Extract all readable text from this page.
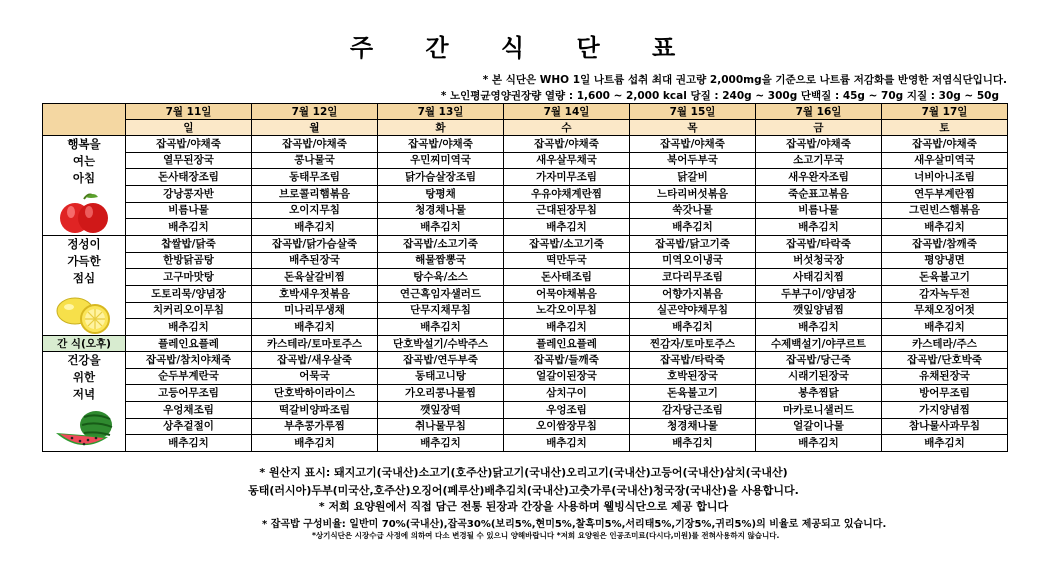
주 간 식 단 표
* 본 식단은 WHO 1일 나트륨 섭취 최대 권고량 2,000mg을 기준으로 나트륨 저감화를 반영한 저염식단입니다.
* 노인평균영양권장량 열량 : 1,600 ~ 2,000 kcal 당질 : 240g ~ 300g 단백질 : 45g ~ 70g 지질 : 30g ~ 50g
	7월 11일	7월 12일	7월 13일	7월 14일	7월 15일	7월 16일	7월 17일
	일	월	화	수	목	금	토

행복을
여는
아침	잡곡밥/야채죽	잡곡밥/야채죽	잡곡밥/야채죽	잡곡밥/야채죽	잡곡밥/야채죽	잡곡밥/야채죽	잡곡밥/야채죽
	열무된장국	콩나물국	우민찌미역국	새우살무채국	북어두부국	소고기무국	새우살미역국
	돈사태장조림	동태무조림	닭가슴살장조림	가자미무조림	닭갈비	새우완자조림	너비아니조림
	강낭콩자반	브로콜리햄볶음	탕평채	우유야채계란찜	느타리버섯볶음	죽순표고볶음	연두부계란찜
	비름나물	오이지무침	청경채나물	근대된장무침	쑥갓나물	비름나물	그린빈스햄볶음
	배추김치	배추김치	배추김치	배추김치	배추김치	배추김치	배추김치

정성이
가득한
점심	찹쌀밥/닭죽	잡곡밥/닭가슴살죽	잡곡밥/소고기죽	잡곡밥/소고기죽	잡곡밥/닭고기죽	잡곡밥/타락죽	잡곡밥/참깨죽
	한방닭곰탕	배추된장국	해물짬뽕국	떡만두국	미역오이냉국	버섯청국장	평양냉면
	고구마맛탕	돈육살갈비찜	탕수육/소스	돈사태조림	코다리무조림	사태김치찜	돈육불고기
	도토리묵/양념장	호박새우젓볶음	연근흑임자샐러드	어묵야채볶음	어향가지볶음	두부구이/양념장	감자녹두전
	치커리오이무침	미나리무생채	단무지채무침	노각오이무침	실곤약야채무침	깻잎양념찜	무채오징어젓
	배추김치	배추김치	배추김치	배추김치	배추김치	배추김치	배추김치
간 식(오후)	플레인요플레	카스테라/토마토주스	단호박설기/수박주스	플레인요플레	찐감자/토마토주스	수제백설기/야쿠르트	카스테라/주스

건강을
위한
저녁	잡곡밥/참치야채죽	잡곡밥/새우살죽	잡곡밥/연두부죽	잡곡밥/들깨죽	잡곡밥/타락죽	잡곡밥/당근죽	잡곡밥/단호박죽
	순두부계란국	어묵국	동태고니탕	얼갈이된장국	호박된장국	시래기된장국	유채된장국
	고등어무조림	단호박하이라이스	가오리콩나물찜	삼치구이	돈육불고기	봉추찜닭	방어무조림
	우엉채조림	떡갈비양파조림	깻잎장떡	우엉조림	감자당근조림	마카로니샐러드	가지양념찜
	상추겉절이	부추콩가루찜	취나물무침	오이쌈장무침	청경채나물	얼갈이나물	참나물사과무침
	배추김치	배추김치	배추김치	배추김치	배추김치	배추김치	배추김치
* 원산지 표시: 돼지고기(국내산)소고기(호주산)닭고기(국내산)오리고기(국내산)고등어(국내산)삼치(국내산)
동태(러시아)두부(미국산,호주산)오징어(페루산)배추김치(국내산)고춧가루(국내산)청국장(국내산)을 사용합니다.
* 저희 요양원에서 직접 담근 전통 된장과 간장을 사용하며 웰빙식단으로 제공 합니다
* 잡곡밥 구성비율: 일반미 70%(국내산),잡곡30%(보리5%,현미5%,찰흑미5%,서리태5%,기장5%,귀리5%)의 비율로 제공되고 있습니다.
*상기식단은 시장수급 사정에 의하여 다소 변경될 수 있으니 양해바랍니다 *저희 요양원은 인공조미료(다시다,미원)를 전혀사용하지 않습니다.
